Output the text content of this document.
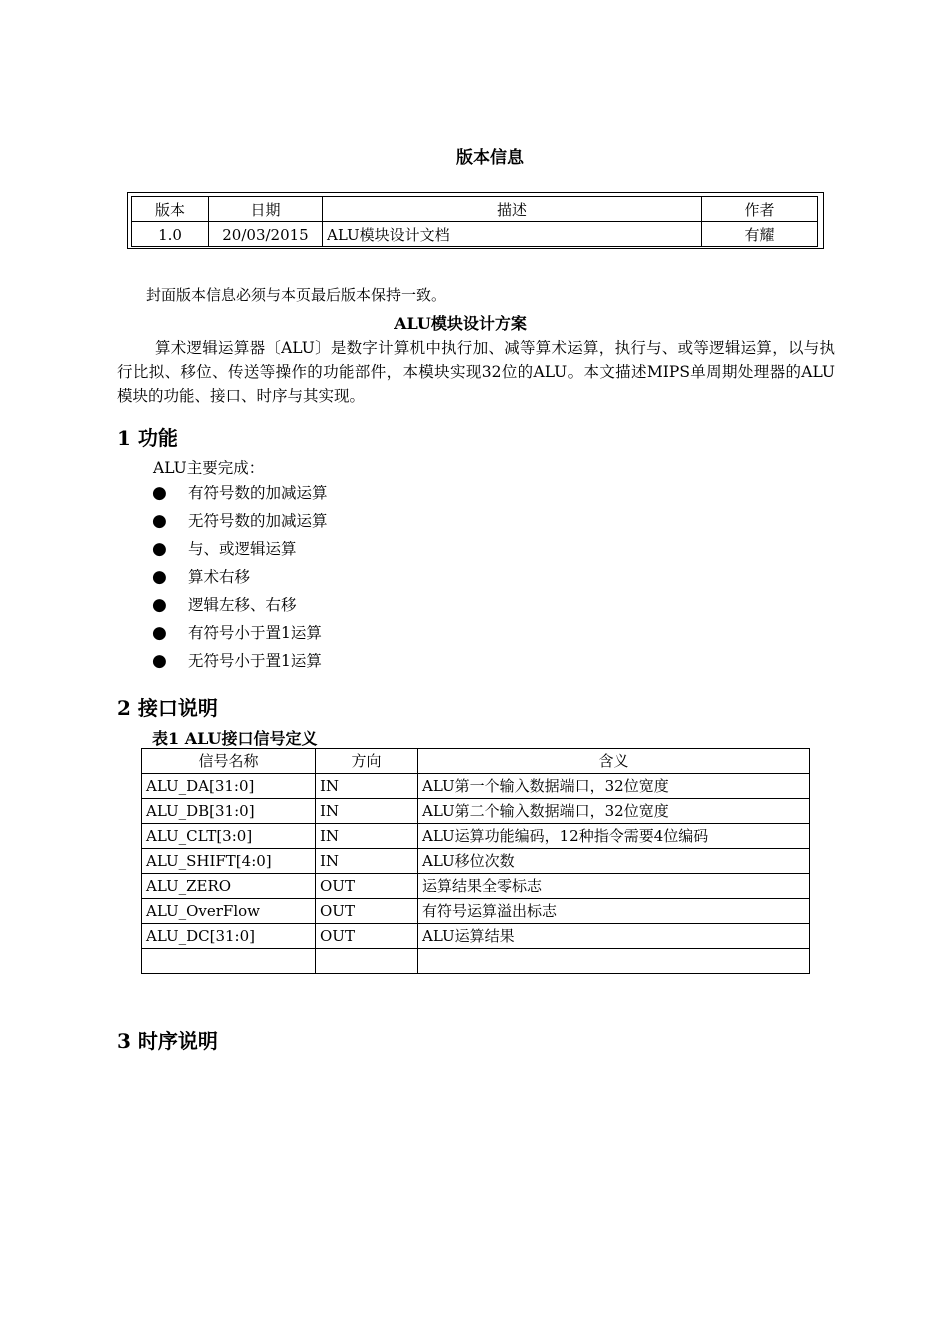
版本信息
版本	日期	描述	作者
1.0	20/03/2015	ALU模块设计文档	有耀
封面版本信息必须与本页最后版本保持一致。
ALU模块设计方案
算术逻辑运算器〔ALU〕是数字计算机中执行加、减等算术运算，执行与、或等逻辑运算，以与执行比拟、移位、传送等操作的功能部件，本模块实现32位的ALU。本文描述MIPS单周期处理器的ALU模块的功能、接口、时序与其实现。
1 功能
ALU主要完成：
●	有符号数的加减运算
●	无符号数的加减运算
●	与、或逻辑运算
●	算术右移
●	逻辑左移、右移
●	有符号小于置1运算
●	无符号小于置1运算
2 接口说明
表1 ALU接口信号定义
信号名称	方向	含义
ALU_DA[31:0]	IN	ALU第一个输入数据端口，32位宽度
ALU_DB[31:0]	IN	ALU第二个输入数据端口，32位宽度
ALU_CLT[3:0]	IN	ALU运算功能编码，12种指令需要4位编码
ALU_SHIFT[4:0]	IN	ALU移位次数
ALU_ZERO	OUT	运算结果全零标志
ALU_OverFlow	OUT	有符号运算溢出标志
ALU_DC[31:0]	OUT	ALU运算结果

3 时序说明
